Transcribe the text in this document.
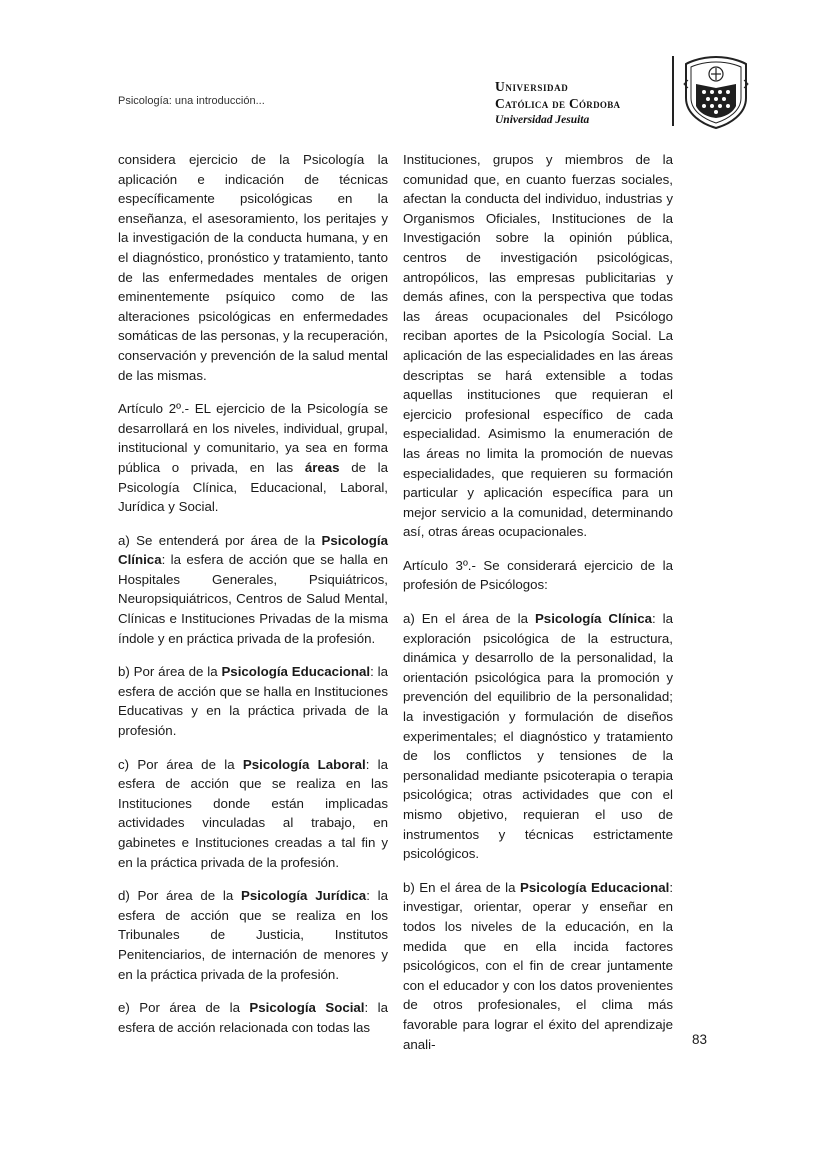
Psicología: una introducción...
Universidad
Católica de Córdoba
Universidad Jesuita

considera ejercicio de la Psicología la aplicación e indicación de técnicas específicamente psicológicas en la enseñanza, el asesoramiento, los peritajes y la investigación de la conducta humana, y en el diagnóstico, pronóstico y tratamiento, tanto de las enfermedades mentales de origen eminentemente psíquico como de las alteraciones psicológicas en enfermedades somáticas de las personas, y la recuperación, conservación y prevención de la salud mental de las mismas.

Artículo 2º.- EL ejercicio de la Psicología se desarrollará en los niveles, individual, grupal, institucional y comunitario, ya sea en forma pública o privada, en las áreas de la Psicología Clínica, Educacional, Laboral, Jurídica y Social.

a) Se entenderá por área de la Psicología Clínica: la esfera de acción que se halla en Hospitales Generales, Psiquiátricos, Neuropsiquiátricos, Centros de Salud Mental, Clínicas e Instituciones Privadas de la misma índole y en práctica privada de la profesión.

b) Por área de la Psicología Educacional: la esfera de acción que se halla en Instituciones Educativas y en la práctica privada de la profesión.

c) Por área de la Psicología Laboral: la esfera de acción que se realiza en las Instituciones donde están implicadas actividades vinculadas al trabajo, en gabinetes e Instituciones creadas a tal fin y en la práctica privada de la profesión.

d) Por área de la Psicología Jurídica: la esfera de acción que se realiza en los Tribunales de Justicia, Institutos Penitenciarios, de internación de menores y en la práctica privada de la profesión.

e) Por área de la Psicología Social: la esfera de acción relacionada con todas las

Instituciones, grupos y miembros de la comunidad que, en cuanto fuerzas sociales, afectan la conducta del individuo, industrias y Organismos Oficiales, Instituciones de la Investigación sobre la opinión pública, centros de investigación psicológicas, antropólicos, las empresas publicitarias y demás afines, con la perspectiva que todas las áreas ocupacionales del Psicólogo reciban aportes de la Psicología Social. La aplicación de las especialidades en las áreas descriptas se hará extensible a todas aquellas instituciones que requieran el ejercicio profesional específico de cada especialidad. Asimismo la enumeración de las áreas no limita la promoción de nuevas especialidades, que requieren su formación particular y aplicación específica para un mejor servicio a la comunidad, determinando así, otras áreas ocupacionales.

Artículo 3º.- Se considerará ejercicio de la profesión de Psicólogos:

a) En el área de la Psicología Clínica: la exploración psicológica de la estructura, dinámica y desarrollo de la personalidad, la orientación psicológica para la promoción y prevención del equilibrio de la personalidad; la investigación y formulación de diseños experimentales; el diagnóstico y tratamiento de los conflictos y tensiones de la personalidad mediante psicoterapia o terapia psicológica; otras actividades que con el mismo objetivo, requieran el uso de instrumentos y técnicas estrictamente psicológicos.

b) En el área de la Psicología Educacional: investigar, orientar, operar y enseñar en todos los niveles de la educación, en la medida que en ella incida factores psicológicos, con el fin de crear juntamente con el educador y con los datos provenientes de otros profesionales, el clima más favorable para lograr el éxito del aprendizaje anali-	83
